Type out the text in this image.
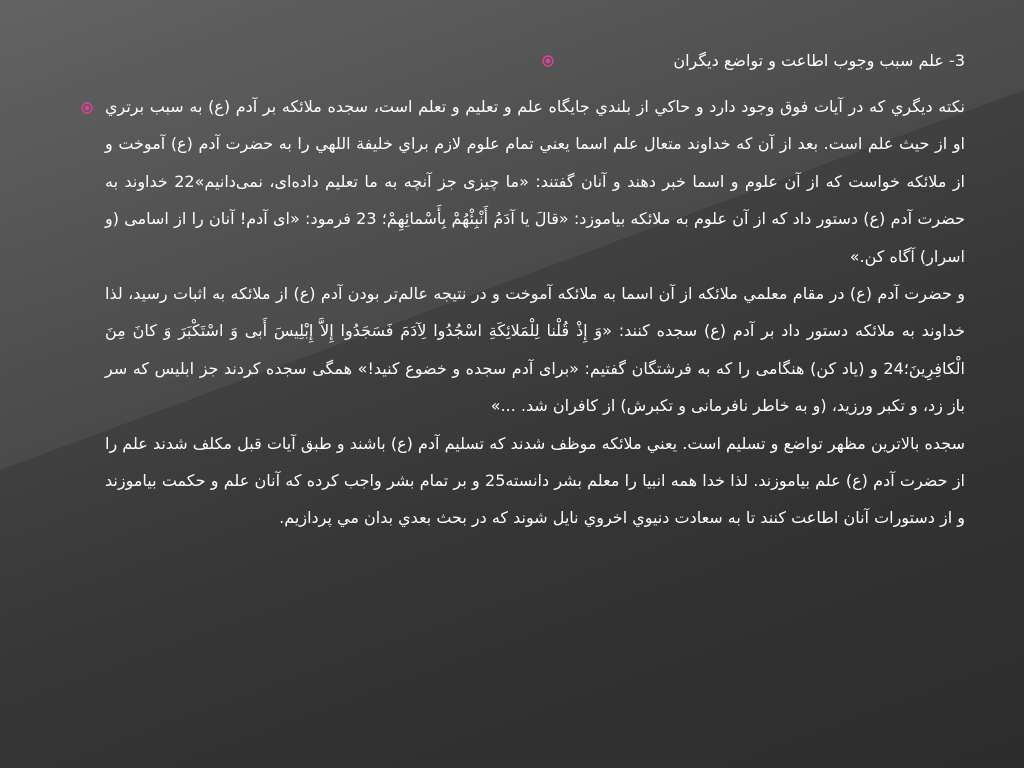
3- علم سبب وجوب اطاعت و تواضع ديگران
نكته ديگري كه در آيات فوق وجود دارد و حاكي از بلندي جايگاه علم و تعليم و تعلم است، سجده ملائكه بر آدم (ع) به سبب برتري او از حيث علم است. بعد از آن كه خداوند متعال علم اسما يعني تمام علوم لازم براي خليفة اللهي را به حضرت آدم (ع) آموخت و از ملائكه خواست كه از آن علوم و اسما خبر دهند و آنان گفتند: «ما چیزى جز آنچه به ما تعلیم داده‌اى، نمى‌دانیم»22 خداوند به حضرت آدم (ع) دستور داد كه از آن علوم به ملائكه بياموزد: «قالَ يا آدَمُ أَنْبِئْهُمْ بِأَسْمائِهِمْ؛ 23 فرمود: «اى آدم! آنان را از اسامى (و اسرار) آگاه کن.»
و حضرت آدم (ع) در مقام معلمي ملائكه از آن اسما به ملائكه آموخت و در نتيجه عالم‌تر بودن آدم (ع) از ملائكه به اثبات رسيد، لذا خداوند به ملائكه دستور داد بر آدم (ع) سجده كنند: «وَ إِذْ قُلْنا لِلْمَلائِكَةِ اسْجُدُوا لِآدَمَ فَسَجَدُوا إِلاَّ إِبْلِيسَ أَبى وَ اسْتَكْبَرَ وَ كانَ مِنَ الْكافِرِينَ؛24 و (یاد کن) هنگامى را که به فرشتگان گفتیم: «براى آدم سجده و خضوع کنید!» همگى سجده کردند جز ابلیس که سر باز زد، و تکبر ورزید، (و به خاطر نافرمانى و تکبرش) از کافران شد. ...»
سجده بالاترين مظهر تواضع و تسليم است. يعني ملائكه موظف شدند كه تسليم آدم (ع) باشند و طبق آيات قبل مكلف شدند علم را از حضرت آدم (ع) علم بياموزند. لذا خدا همه انبيا را معلم بشر دانسته25 و بر تمام بشر واجب كرده كه آنان علم و حكمت بياموزند و از دستورات آنان اطاعت كنند تا به سعادت دنيوي اخروي نايل شوند كه در بحث بعدي بدان مي پردازيم.
